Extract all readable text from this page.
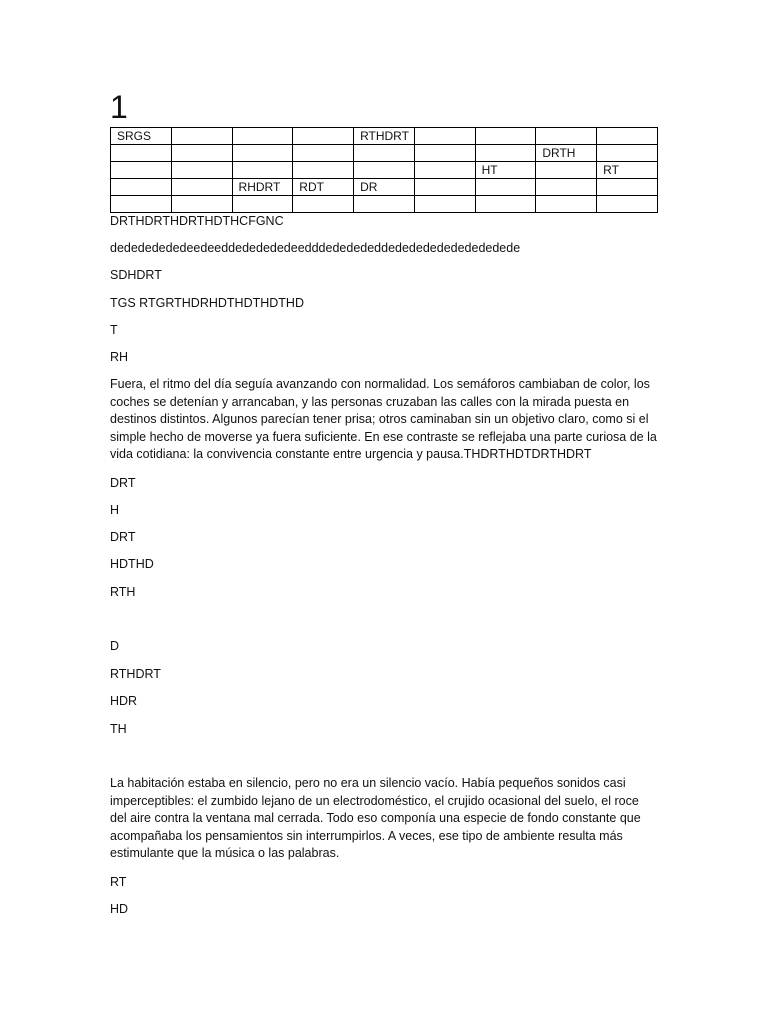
1
SRGS				RTHDRT				
							DRTH	
						HT		RT
		RHDRT	RDT	DR				

DRTHDRTHDRTHDTHCFGNC
dedededededeedeeddededededeedddededededdededededededededede
SDHDRT
TGS RTGRTHDRHDTHDTHDTHD
T
RH
Fuera, el ritmo del día seguía avanzando con normalidad. Los semáforos cambiaban de color, los coches se detenían y arrancaban, y las personas cruzaban las calles con la mirada puesta en destinos distintos. Algunos parecían tener prisa; otros caminaban sin un objetivo claro, como si el simple hecho de moverse ya fuera suficiente. En ese contraste se reflejaba una parte curiosa de la vida cotidiana: la convivencia constante entre urgencia y pausa.THDRTHDTDRTHDRT
DRT
H
DRT
HDTHD
RTH
D
RTHDRT
HDR
TH
La habitación estaba en silencio, pero no era un silencio vacío. Había pequeños sonidos casi imperceptibles: el zumbido lejano de un electrodoméstico, el crujido ocasional del suelo, el roce del aire contra la ventana mal cerrada. Todo eso componía una especie de fondo constante que acompañaba los pensamientos sin interrumpirlos. A veces, ese tipo de ambiente resulta más estimulante que la música o las palabras.
RT
HD
